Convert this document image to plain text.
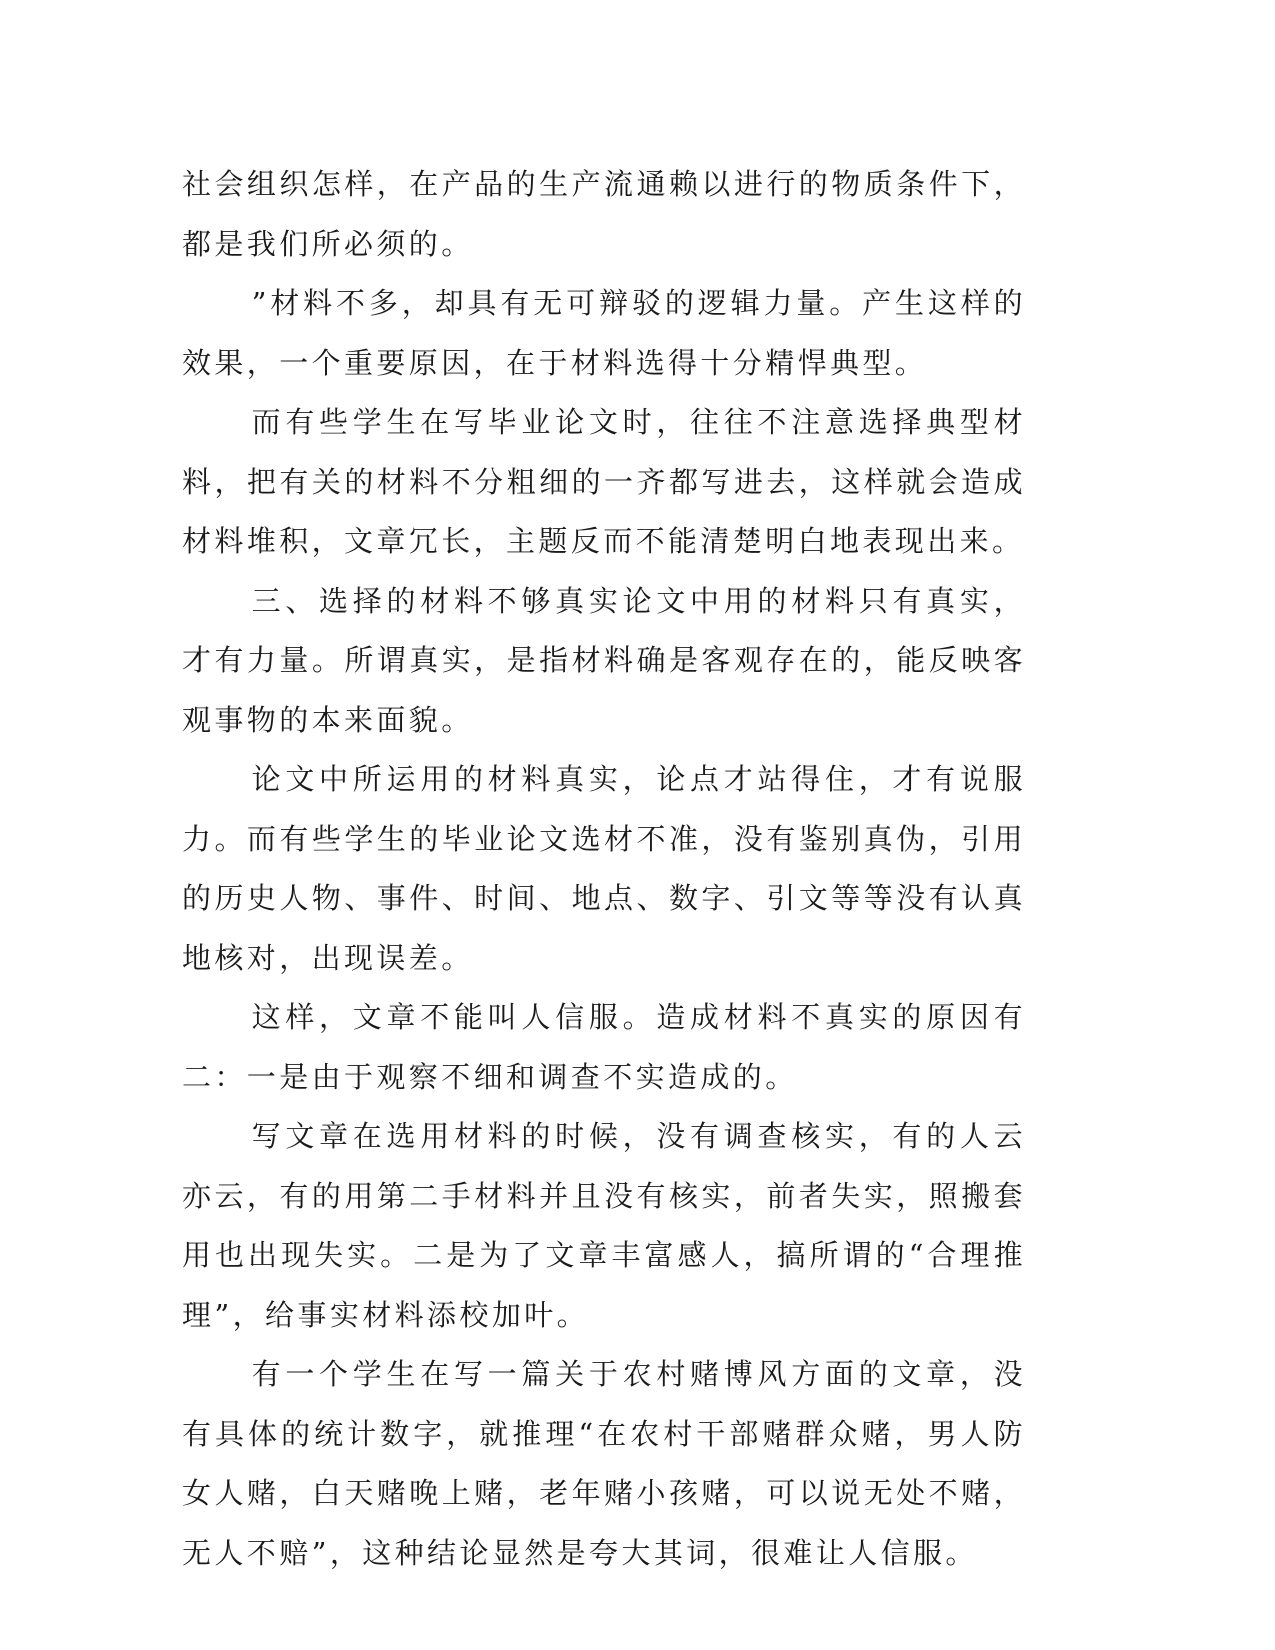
社会组织怎样，在产品的生产流通赖以进行的物质条件下，都是我们所必须的。

”材料不多，却具有无可辩驳的逻辑力量。产生这样的效果，一个重要原因，在于材料选得十分精悍典型。

而有些学生在写毕业论文时，往往不注意选择典型材料，把有关的材料不分粗细的一齐都写进去，这样就会造成材料堆积，文章冗长，主题反而不能清楚明白地表现出来。

三、选择的材料不够真实论文中用的材料只有真实，才有力量。所谓真实，是指材料确是客观存在的，能反映客观事物的本来面貌。

论文中所运用的材料真实，论点才站得住，才有说服力。而有些学生的毕业论文选材不准，没有鉴别真伪，引用的历史人物、事件、时间、地点、数字、引文等等没有认真地核对，出现误差。

这样，文章不能叫人信服。造成材料不真实的原因有二：一是由于观察不细和调查不实造成的。

写文章在选用材料的时候，没有调查核实，有的人云亦云，有的用第二手材料并且没有核实，前者失实，照搬套用也出现失实。二是为了文章丰富感人，搞所谓的“合理推理”，给事实材料添校加叶。

有一个学生在写一篇关于农村赌博风方面的文章，没有具体的统计数字，就推理“在农村干部赌群众赌，男人防女人赌，白天赌晚上赌，老年赌小孩赌，可以说无处不赌，无人不赔”，这种结论显然是夸大其词，很难让人信服。
